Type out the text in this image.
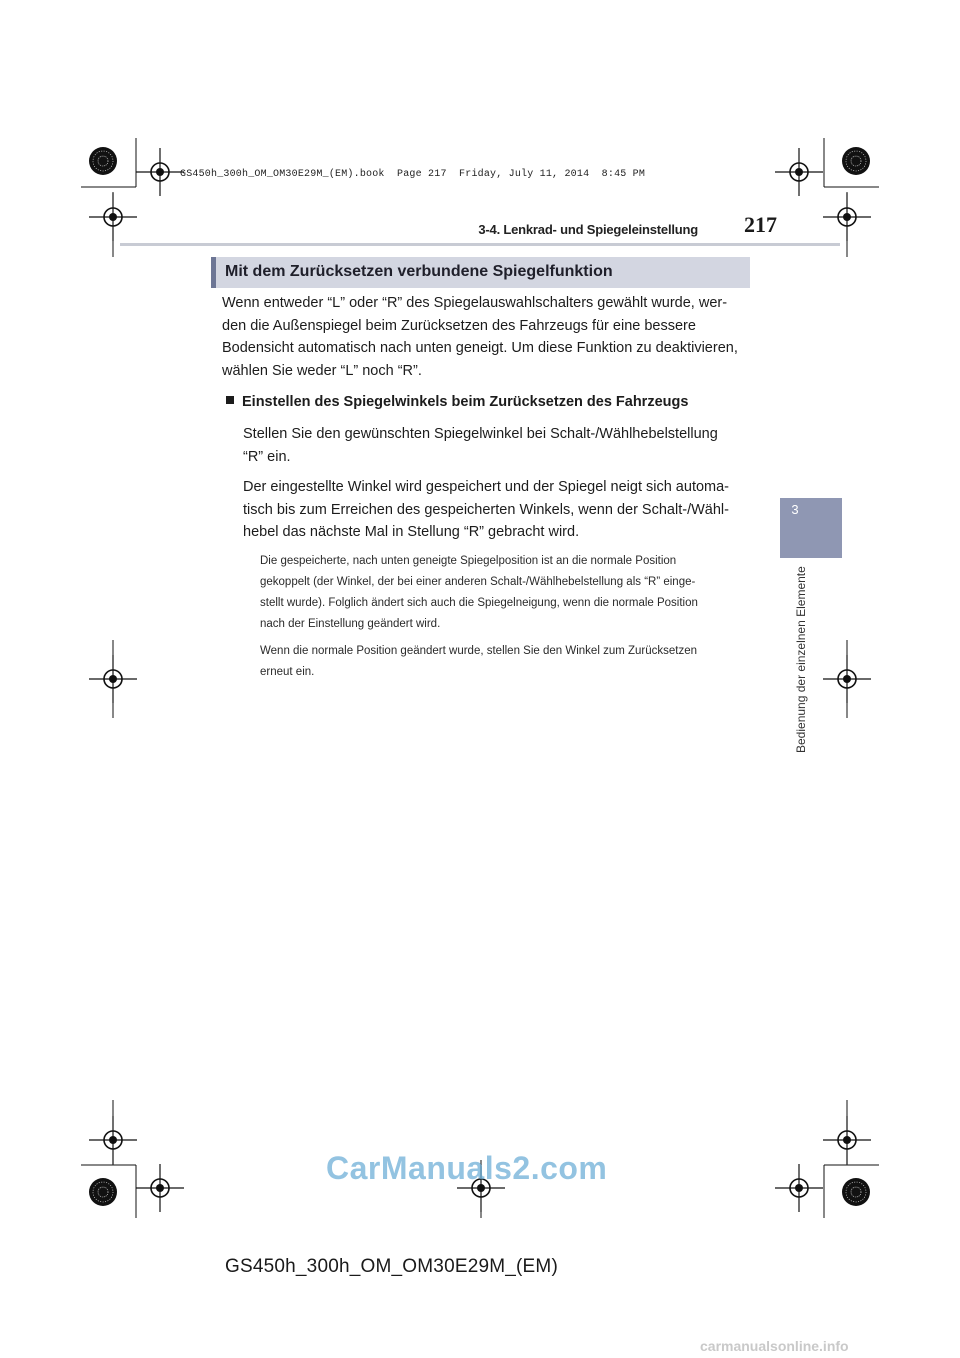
GS450h_300h_OM_OM30E29M_(EM).book  Page 217  Friday, July 11, 2014  8:45 PM
3-4. Lenkrad- und Spiegeleinstellung 217
3
Bedienung der einzelnen Elemente
Mit dem Zurücksetzen verbundene Spiegelfunktion
Wenn entweder “L” oder “R” des Spiegelauswahlschalters gewählt wurde, wer-
den die Außenspiegel beim Zurücksetzen des Fahrzeugs für eine bessere
Bodensicht automatisch nach unten geneigt. Um diese Funktion zu deaktivieren,
wählen Sie weder “L” noch “R”.
Einstellen des Spiegelwinkels beim Zurücksetzen des Fahrzeugs
Stellen Sie den gewünschten Spiegelwinkel bei Schalt-/Wählhebelstellung
“R” ein.
Der eingestellte Winkel wird gespeichert und der Spiegel neigt sich automa-
tisch bis zum Erreichen des gespeicherten Winkels, wenn der Schalt-/Wähl-
hebel das nächste Mal in Stellung “R” gebracht wird.
Die gespeicherte, nach unten geneigte Spiegelposition ist an die normale Position
gekoppelt (der Winkel, der bei einer anderen Schalt-/Wählhebelstellung als “R” einge-
stellt wurde). Folglich ändert sich auch die Spiegelneigung, wenn die normale Position
nach der Einstellung geändert wird.
Wenn die normale Position geändert wurde, stellen Sie den Winkel zum Zurücksetzen
erneut ein.
CarManuals2.com
GS450h_300h_OM_OM30E29M_(EM)
carmanualsonline.info
